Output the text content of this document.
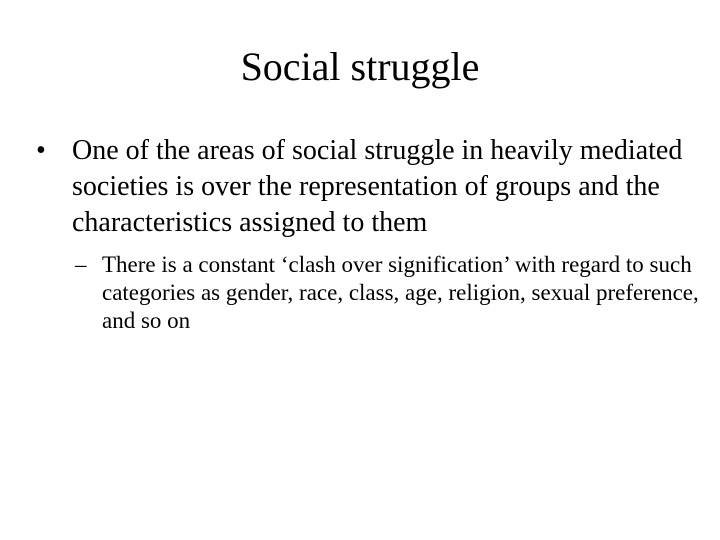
Social struggle
• One of the areas of social struggle in heavily mediated societies is over the representation of groups and the characteristics assigned to them
– There is a constant ‘clash over signification’ with regard to such categories as gender, race, class, age, religion, sexual preference, and so on
